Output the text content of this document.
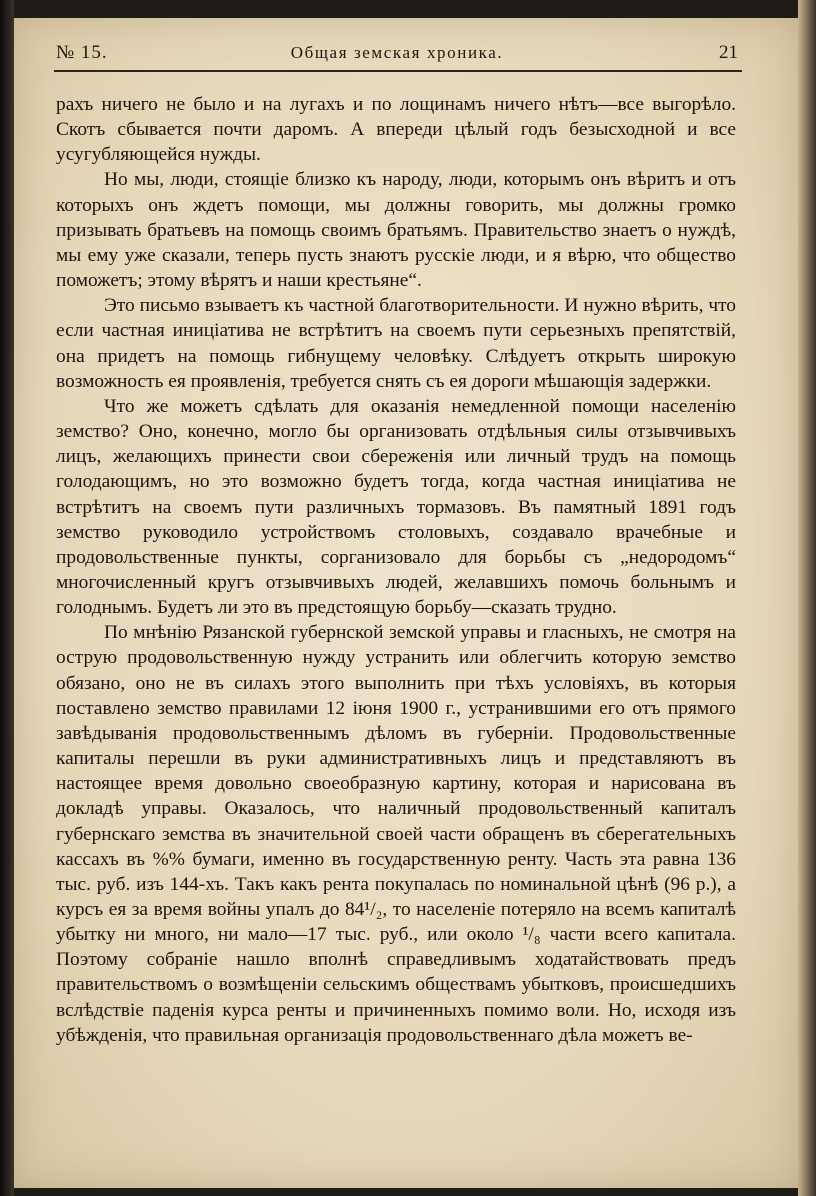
№ 15.	Общая земская хроника.	21

рахъ ничего не было и на лугахъ и по лощинамъ ничего нѣтъ—все выгорѣло. Скотъ сбывается почти даромъ. А впереди цѣлый годъ безысходной и все усугубляющейся нужды.

Но мы, люди, стоящіе близко къ народу, люди, которымъ онъ вѣритъ и отъ которыхъ онъ ждетъ помощи, мы должны говорить, мы должны громко призывать братьевъ на помощь своимъ братьямъ. Правительство знаетъ о нуждѣ, мы ему уже сказали, теперь пусть знаютъ русскіе люди, и я вѣрю, что общество поможетъ; этому вѣрятъ и наши крестьяне“.

Это письмо взываетъ къ частной благотворительности. И нужно вѣрить, что если частная иниціатива не встрѣтитъ на своемъ пути серьезныхъ препятствій, она придетъ на помощь гибнущему человѣку. Слѣдуетъ открыть широкую возможность ея проявленія, требуется снять съ ея дороги мѣшающія задержки.

Что же можетъ сдѣлать для оказанія немедленной помощи населенію земство? Оно, конечно, могло бы организовать отдѣльныя силы отзывчивыхъ лицъ, желающихъ принести свои сбереженія или личный трудъ на помощь голодающимъ, но это возможно будетъ тогда, когда частная иниціатива не встрѣтитъ на своемъ пути различныхъ тормазовъ. Въ памятный 1891 годъ земство руководило устройствомъ столовыхъ, создавало врачебные и продовольственные пункты, сорганизовало для борьбы съ „недородомъ“ многочисленный кругъ отзывчивыхъ людей, желавшихъ помочь больнымъ и голоднымъ. Будетъ ли это въ предстоящую борьбу—сказать трудно.

По мнѣнію Рязанской губернской земской управы и гласныхъ, не смотря на острую продовольственную нужду устранить или облегчить которую земство обязано, оно не въ силахъ этого выполнить при тѣхъ условіяхъ, въ которыя поставлено земство правилами 12 іюня 1900 г., устранившими его отъ прямого завѣдыванія продовольственнымъ дѣломъ въ губерніи. Продовольственные капиталы перешли въ руки административныхъ лицъ и представляютъ въ настоящее время довольно своеобразную картину, которая и нарисована въ докладѣ управы. Оказалось, что наличный продовольственный капиталъ губернскаго земства въ значительной своей части обращенъ въ сберегательныхъ кассахъ въ %% бумаги, именно въ государственную ренту. Часть эта равна 136 тыс. руб. изъ 144-хъ. Такъ какъ рента покупалась по номинальной цѣнѣ (96 р.), а курсъ ея за время войны упалъ до 84¹/₂, то населеніе потеряло на всемъ капиталѣ убытку ни много, ни мало—17 тыс. руб., или около ¹/₈ части всего капитала. Поэтому собраніе нашло вполнѣ справедливымъ ходатайствовать предъ правительствомъ о возмѣщеніи сельскимъ обществамъ убытковъ, происшедшихъ вслѣдствіе паденія курса ренты и причиненныхъ помимо воли. Но, исходя изъ убѣжденія, что правильная организація продовольственнаго дѣла можетъ ве-
